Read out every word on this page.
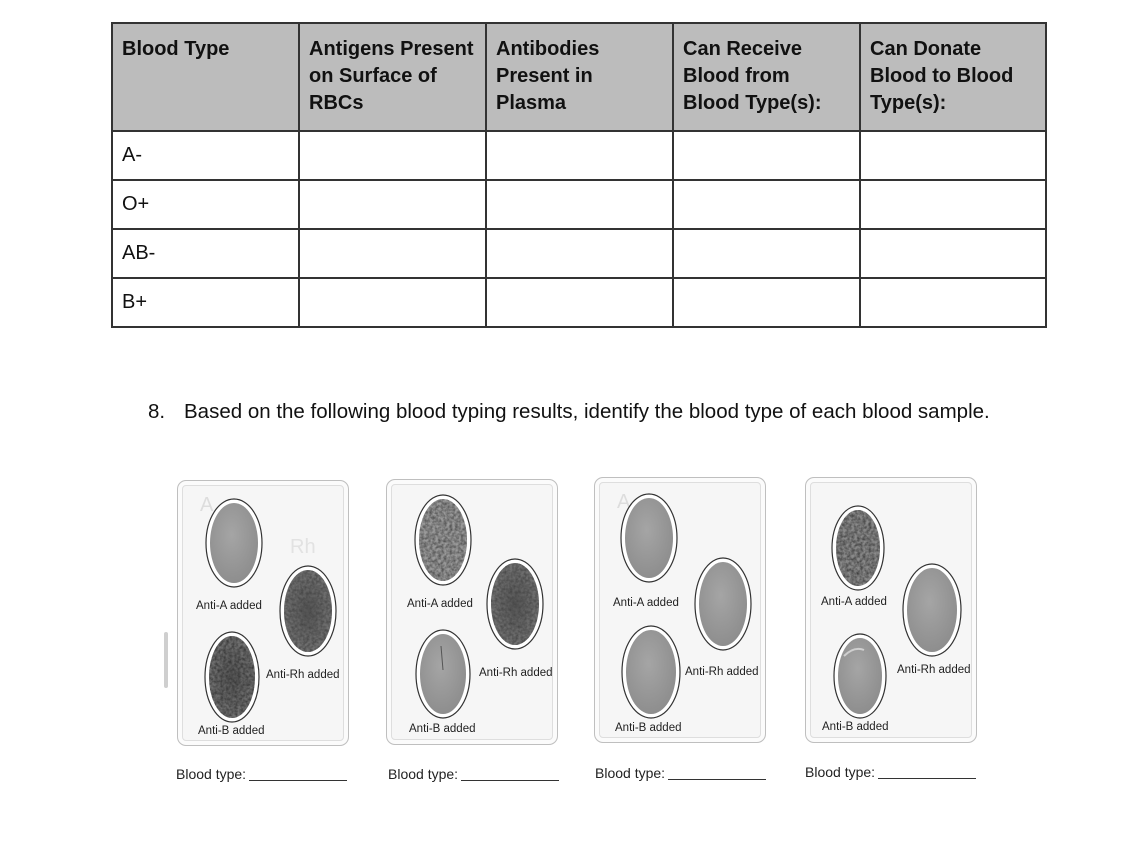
Blood Type	Antigens Present on Surface of RBCs	Antibodies Present in Plasma	Can Receive Blood from Blood Type(s):	Can Donate Blood to Blood Type(s):
A-				
O+				
AB-				
B+				
8. Based on the following blood typing results, identify the blood type of each blood sample.
A
Rh
Anti-A added
Anti-Rh added
Anti-B added
Blood type:
Anti-A added
Anti-Rh added
Anti-B added
Blood type:
A
Anti-A added
Anti-Rh added
Anti-B added
Blood type:
Anti-A added
Anti-Rh added
Anti-B added
Blood type:
